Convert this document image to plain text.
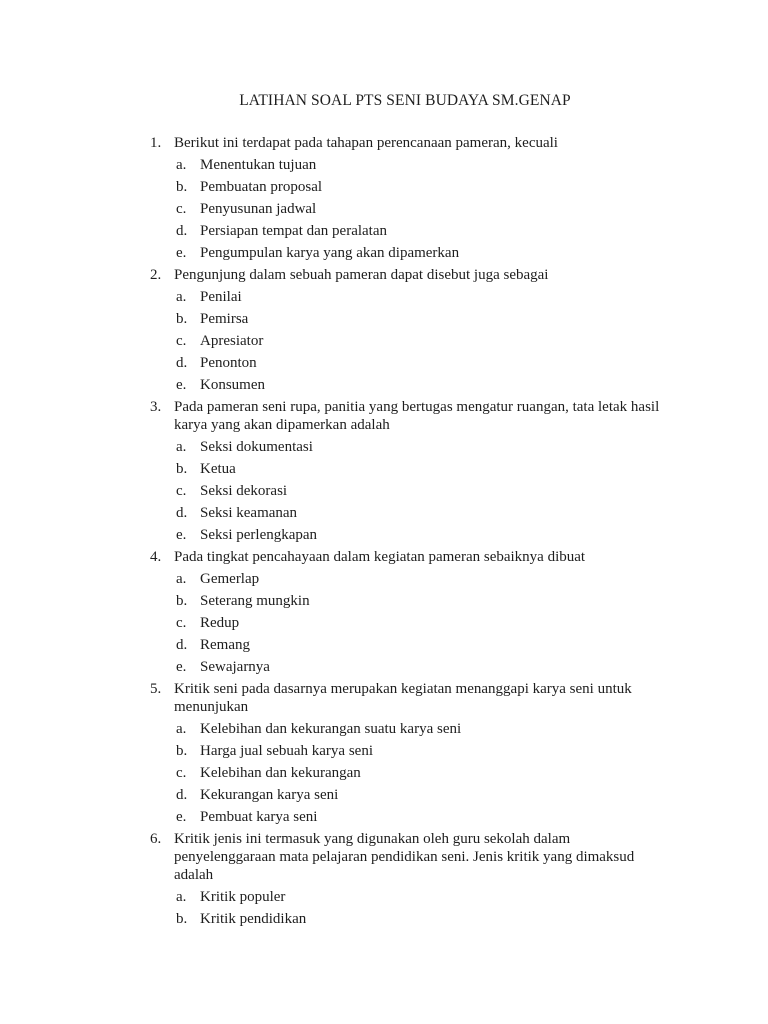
LATIHAN SOAL PTS SENI BUDAYA SM.GENAP
1. Berikut ini terdapat pada tahapan perencanaan pameran, kecuali
a. Menentukan tujuan
b. Pembuatan proposal
c. Penyusunan jadwal
d. Persiapan tempat dan peralatan
e. Pengumpulan karya yang akan dipamerkan
2. Pengunjung dalam sebuah pameran dapat disebut juga sebagai
a. Penilai
b. Pemirsa
c. Apresiator
d. Penonton
e. Konsumen
3. Pada pameran seni rupa, panitia yang bertugas mengatur ruangan, tata letak hasil karya yang akan dipamerkan adalah
a. Seksi dokumentasi
b. Ketua
c. Seksi dekorasi
d. Seksi keamanan
e. Seksi perlengkapan
4. Pada tingkat pencahayaan dalam kegiatan pameran sebaiknya dibuat
a. Gemerlap
b. Seterang mungkin
c. Redup
d. Remang
e. Sewajarnya
5. Kritik seni pada dasarnya merupakan kegiatan menanggapi karya seni untuk menunjukan
a. Kelebihan dan kekurangan suatu karya seni
b. Harga jual sebuah karya seni
c. Kelebihan dan kekurangan
d. Kekurangan karya seni
e. Pembuat karya seni
6. Kritik jenis ini termasuk yang digunakan oleh guru sekolah dalam penyelenggaraan mata pelajaran pendidikan seni. Jenis kritik yang dimaksud adalah
a. Kritik populer
b. Kritik pendidikan
